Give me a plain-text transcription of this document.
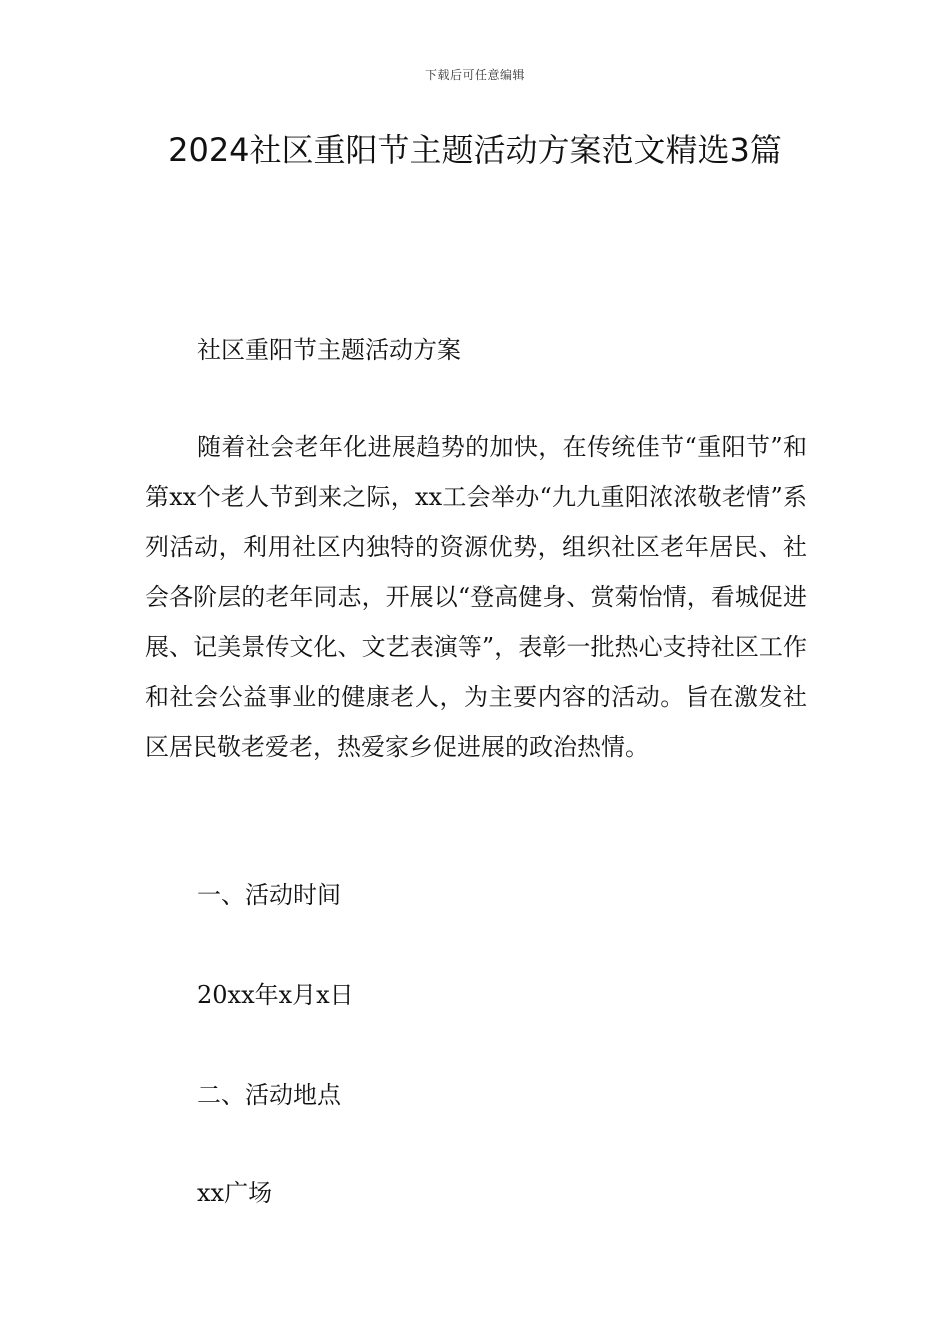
下载后可任意编辑
2024社区重阳节主题活动方案范文精选3篇

社区重阳节主题活动方案

随着社会老年化进展趋势的加快，在传统佳节“重阳节”和第xx个老人节到来之际，xx工会举办“九九重阳浓浓敬老情”系列活动，利用社区内独特的资源优势，组织社区老年居民、社会各阶层的老年同志，开展以“登高健身、赏菊怡情，看城促进展、记美景传文化、文艺表演等”，表彰一批热心支持社区工作和社会公益事业的健康老人，为主要内容的活动。旨在激发社区居民敬老爱老，热爱家乡促进展的政治热情。

一、活动时间

20xx年x月x日

二、活动地点

xx广场
